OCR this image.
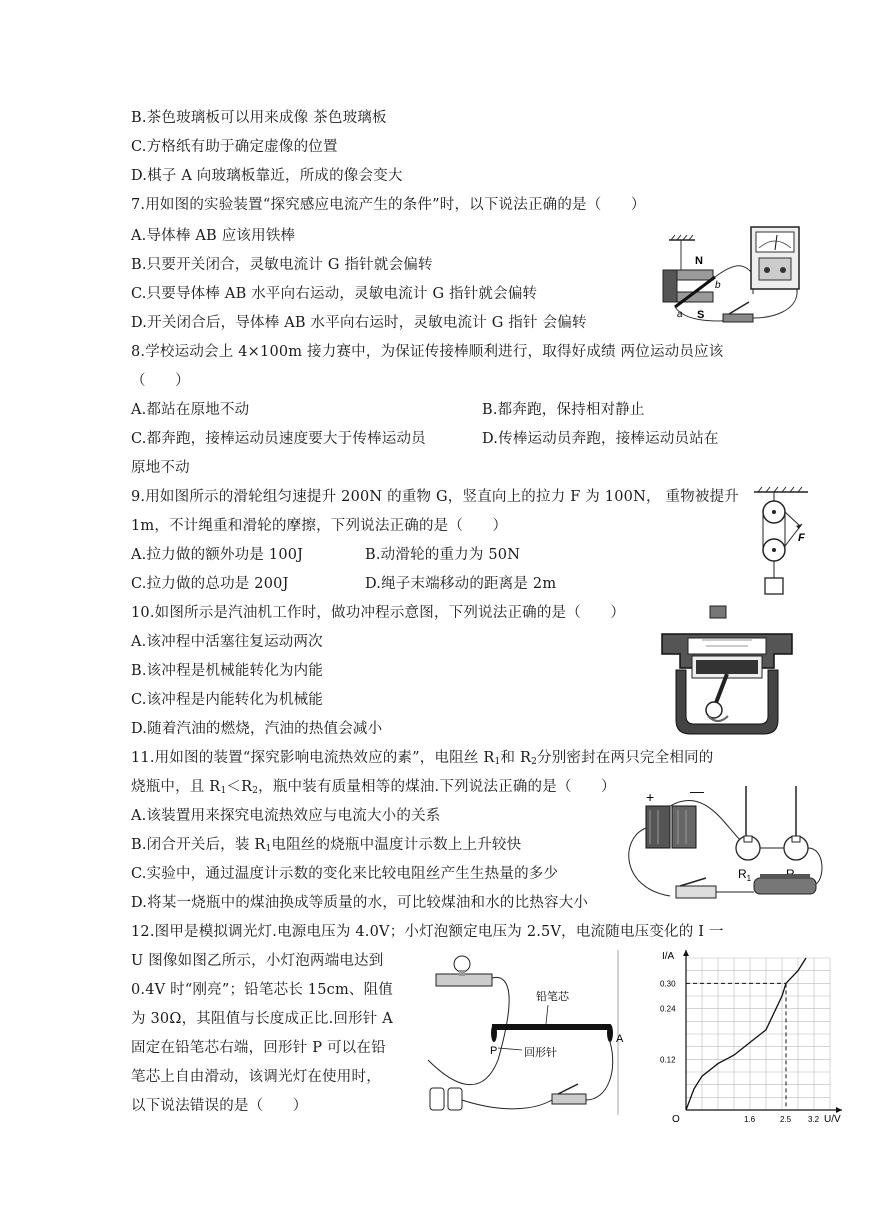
B.茶色玻璃板可以用来成像 茶色玻璃板
C.方格纸有助于确定虚像的位置
D.棋子 A 向玻璃板靠近，所成的像会变大
7.用如图的实验装置“探究感应电流产生的条件”时，以下说法正确的是（　　）
A.导体棒 AB 应该用铁棒
B.只要开关闭合，灵敏电流计 G 指针就会偏转
C.只要导体棒 AB 水平向右运动，灵敏电流计 G 指针就会偏转
D.开关闭合后，导体棒 AB 水平向右运时，灵敏电流计 G 指针 会偏转
8.学校运动会上 4×100m 接力赛中，为保证传接棒顺利进行，取得好成绩 两位运动员应该
（　　）
A.都站在原地不动	B.都奔跑，保持相对静止
C.都奔跑，接棒运动员速度要大于传棒运动员	D.传棒运动员奔跑，接棒运动员站在
原地不动
9.用如图所示的滑轮组匀速提升 200N 的重物 G，竖直向上的拉力 F 为 100N， 重物被提升
1m，不计绳重和滑轮的摩擦，下列说法正确的是（　　）
A.拉力做的额外功是 100J	B.动滑轮的重力为 50N
C.拉力做的总功是 200J	D.绳子末端移动的距离是 2m
10.如图所示是汽油机工作时，做功冲程示意图，下列说法正确的是（　　）
A.该冲程中活塞往复运动两次
B.该冲程是机械能转化为内能
C.该冲程是内能转化为机械能
D.随着汽油的燃烧，汽油的热值会减小
11.用如图的装置“探究影响电流热效应的素”，电阻丝 $R_1$和 $R_2$分别密封在两只完全相同的
烧瓶中，且 $R_1<R_2$，瓶中装有质量相等的煤油.下列说法正确的是（　　）
A.该装置用来探究电流热效应与电流大小的关系
B.闭合开关后，装 $R_1$电阻丝的烧瓶中温度计示数上上升较快
C.实验中，通过温度计示数的变化来比较电阻丝产生生热量的多少
D.将某一烧瓶中的煤油换成等质量的水，可比较煤油和水的比热容大小
12.图甲是模拟调光灯.电源电压为 4.0V；小灯泡额定电压为 2.5V，电流随电压变化的 I 一
U 图像如图乙所示，小灯泡两端电达到
0.4V 时“刚亮”；铅笔芯长 15cm、阻值
为 30Ω，其阻值与长度成正比.回形针 A
固定在铅笔芯右端，回形针 P 可以在铅
笔芯上自由滑动，该调光灯在使用时，
以下说法错误的是（　　）
N
S
a
b
F
+	—
$R_1$
铅笔芯
P
A
回形针
1.6	2.5 3.2
0.30
0.24
0.12
I/A
U/V
O
